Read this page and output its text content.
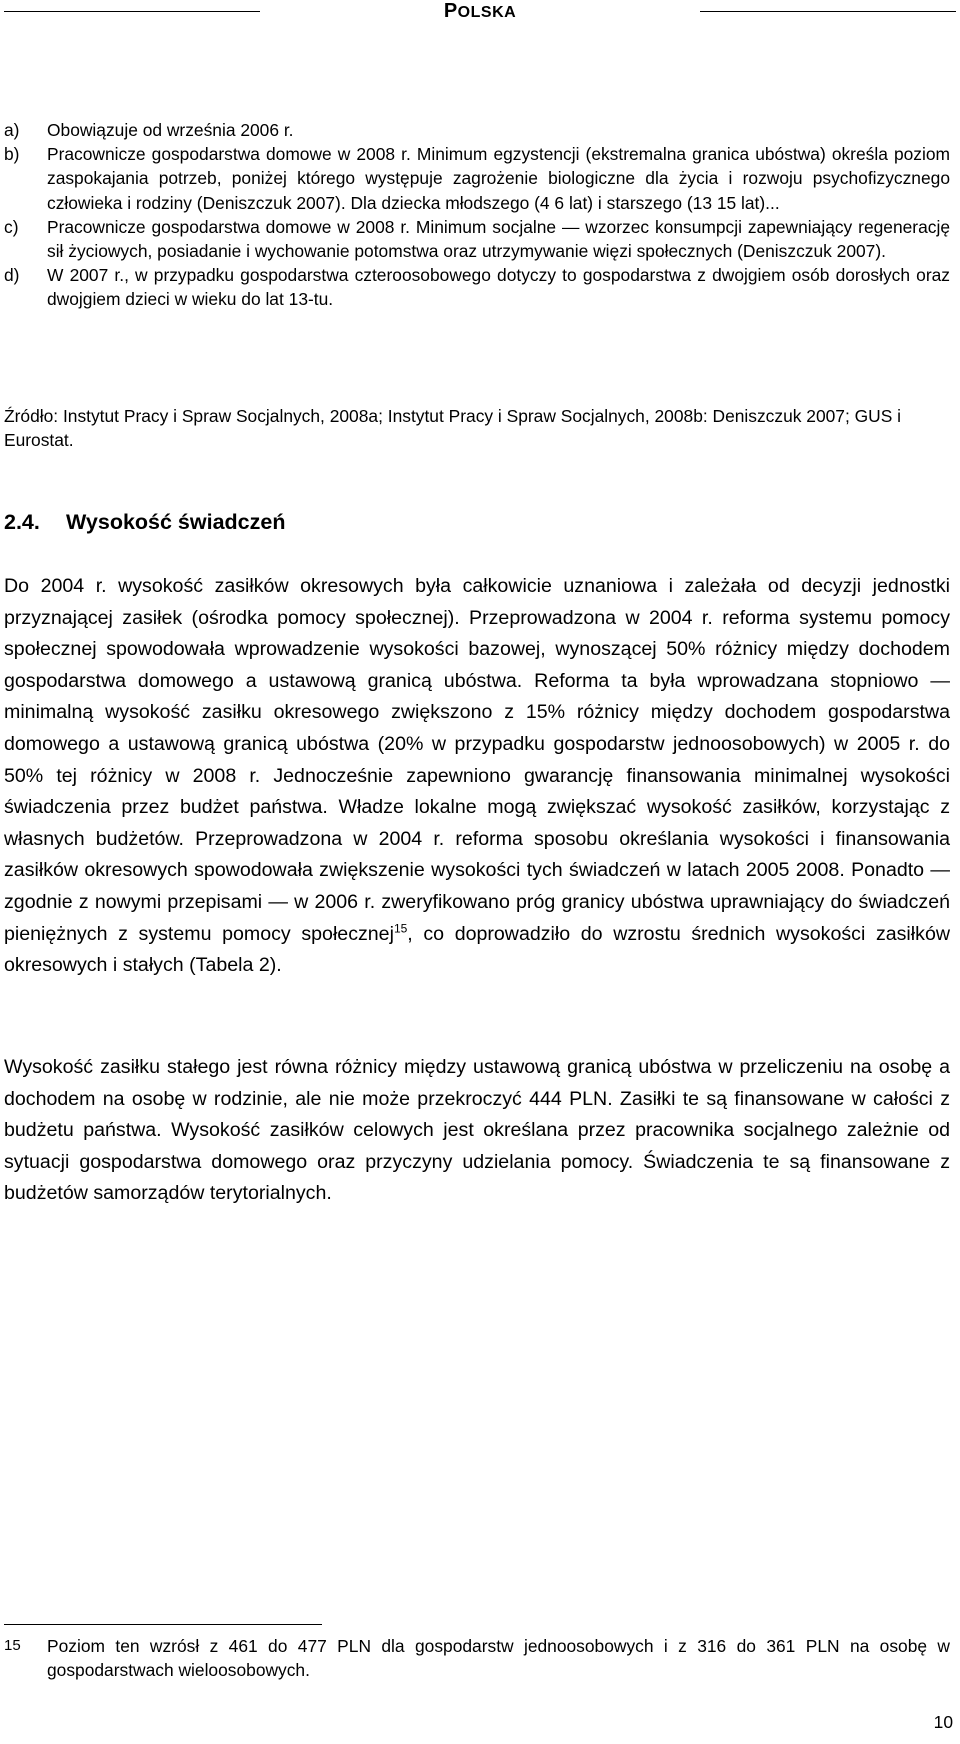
POLSKA
a) Obowiązuje od września 2006 r.
b) Pracownicze gospodarstwa domowe w 2008 r. Minimum egzystencji (ekstremalna granica ubóstwa) określa poziom zaspokajania potrzeb, poniżej którego występuje zagrożenie biologiczne dla życia i rozwoju psychofizycznego człowieka i rodziny (Deniszczuk 2007). Dla dziecka młodszego (4 6 lat) i starszego (13 15 lat)...
c) Pracownicze gospodarstwa domowe w 2008 r. Minimum socjalne — wzorzec konsumpcji zapewniający regenerację sił życiowych, posiadanie i wychowanie potomstwa oraz utrzymywanie więzi społecznych (Deniszczuk 2007).
d) W 2007 r., w przypadku gospodarstwa czteroosobowego dotyczy to gospodarstwa z dwojgiem osób dorosłych oraz dwojgiem dzieci w wieku do lat 13-tu.
Źródło: Instytut Pracy i Spraw Socjalnych, 2008a; Instytut Pracy i Spraw Socjalnych, 2008b: Deniszczuk 2007; GUS i Eurostat.
2.4. Wysokość świadczeń
Do 2004 r. wysokość zasiłków okresowych była całkowicie uznaniowa i zależała od decyzji jednostki przyznającej zasiłek (ośrodka pomocy społecznej). Przeprowadzona w 2004 r. reforma systemu pomocy społecznej spowodowała wprowadzenie wysokości bazowej, wynoszącej 50% różnicy między dochodem gospodarstwa domowego a ustawową granicą ubóstwa. Reforma ta była wprowadzana stopniowo — minimalną wysokość zasiłku okresowego zwiększono z 15% różnicy między dochodem gospodarstwa domowego a ustawową granicą ubóstwa (20% w przypadku gospodarstw jednoosobowych) w 2005 r. do 50% tej różnicy w 2008 r. Jednocześnie zapewniono gwarancję finansowania minimalnej wysokości świadczenia przez budżet państwa. Władze lokalne mogą zwiększać wysokość zasiłków, korzystając z własnych budżetów. Przeprowadzona w 2004 r. reforma sposobu określania wysokości i finansowania zasiłków okresowych spowodowała zwiększenie wysokości tych świadczeń w latach 2005 2008. Ponadto — zgodnie z nowymi przepisami — w 2006 r. zweryfikowano próg granicy ubóstwa uprawniający do świadczeń pieniężnych z systemu pomocy społecznej$^{15}$, co doprowadziło do wzrostu średnich wysokości zasiłków okresowych i stałych (Tabela 2).
Wysokość zasiłku stałego jest równa różnicy między ustawową granicą ubóstwa w przeliczeniu na osobę a dochodem na osobę w rodzinie, ale nie może przekroczyć 444 PLN. Zasiłki te są finansowane w całości z budżetu państwa. Wysokość zasiłków celowych jest określana przez pracownika socjalnego zależnie od sytuacji gospodarstwa domowego oraz przyczyny udzielania pomocy. Świadczenia te są finansowane z budżetów samorządów terytorialnych.
15	Poziom ten wzrósł z 461 do 477 PLN dla gospodarstw jednoosobowych i z 316 do 361 PLN na osobę w gospodarstwach wieloosobowych.
10
